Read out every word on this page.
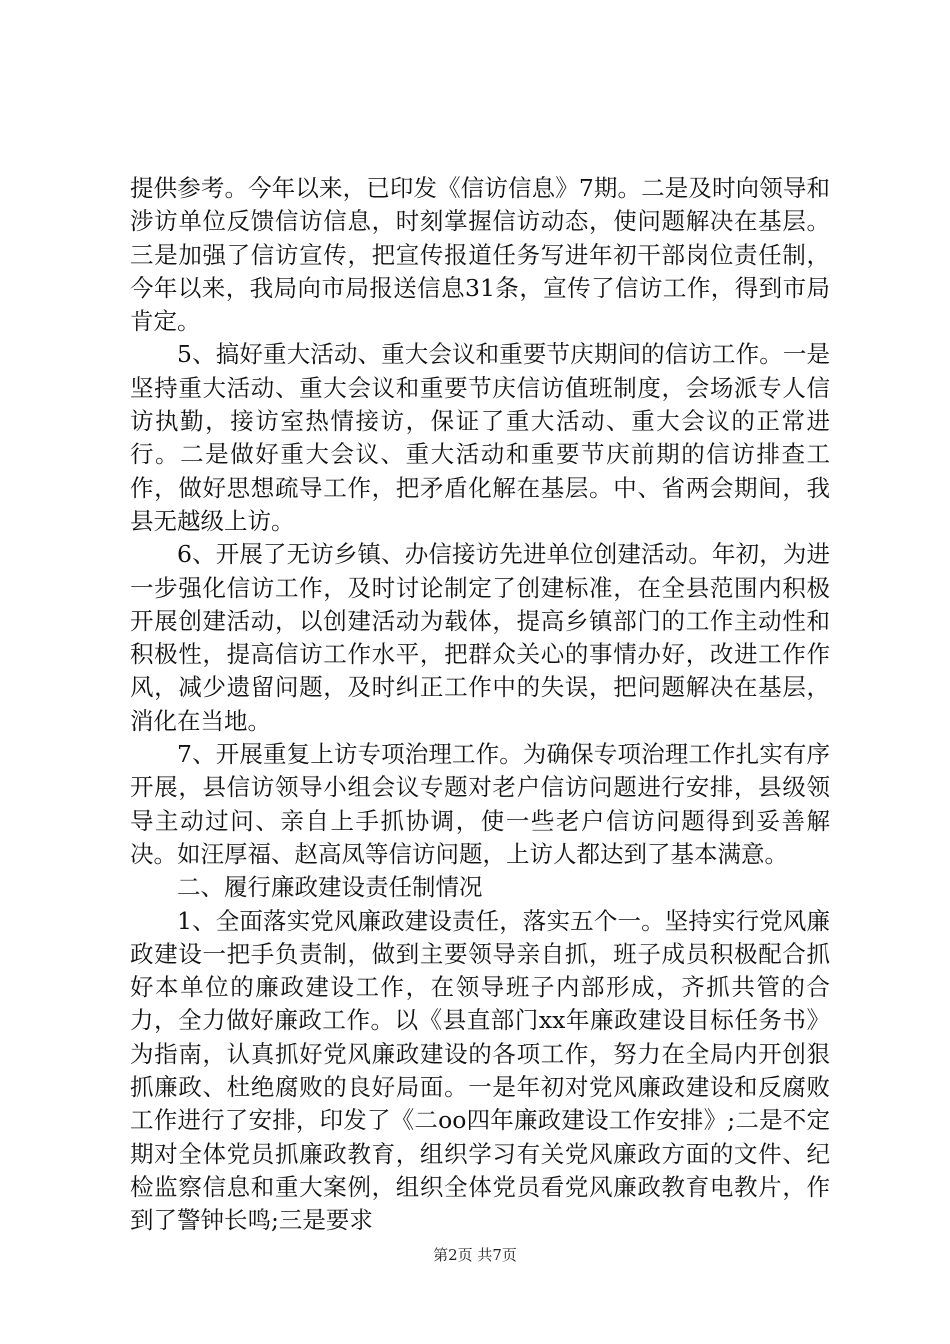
提供参考。今年以来，已印发《信访信息》7期。二是及时向领导和涉访单位反馈信访信息，时刻掌握信访动态，使问题解决在基层。三是加强了信访宣传，把宣传报道任务写进年初干部岗位责任制，今年以来，我局向市局报送信息31条，宣传了信访工作，得到市局肯定。

5、搞好重大活动、重大会议和重要节庆期间的信访工作。一是坚持重大活动、重大会议和重要节庆信访值班制度，会场派专人信访执勤，接访室热情接访，保证了重大活动、重大会议的正常进行。二是做好重大会议、重大活动和重要节庆前期的信访排查工作，做好思想疏导工作，把矛盾化解在基层。中、省两会期间，我县无越级上访。

6、开展了无访乡镇、办信接访先进单位创建活动。年初，为进一步强化信访工作，及时讨论制定了创建标准，在全县范围内积极开展创建活动，以创建活动为载体，提高乡镇部门的工作主动性和积极性，提高信访工作水平，把群众关心的事情办好，改进工作作风，减少遗留问题，及时纠正工作中的失误，把问题解决在基层，消化在当地。

7、开展重复上访专项治理工作。为确保专项治理工作扎实有序开展，县信访领导小组会议专题对老户信访问题进行安排，县级领导主动过问、亲自上手抓协调，使一些老户信访问题得到妥善解决。如汪厚福、赵高凤等信访问题，上访人都达到了基本满意。

二、履行廉政建设责任制情况

1、全面落实党风廉政建设责任，落实五个一。坚持实行党风廉政建设一把手负责制，做到主要领导亲自抓，班子成员积极配合抓好本单位的廉政建设工作，在领导班子内部形成，齐抓共管的合力，全力做好廉政工作。以《县直部门xx年廉政建设目标任务书》为指南，认真抓好党风廉政建设的各项工作，努力在全局内开创狠抓廉政、杜绝腐败的良好局面。一是年初对党风廉政建设和反腐败工作进行了安排，印发了《二oo四年廉政建设工作安排》;二是不定期对全体党员抓廉政教育，组织学习有关党风廉政方面的文件、纪检监察信息和重大案例，组织全体党员看党风廉政教育电教片，作到了警钟长鸣;三是要求

第2页 共7页
